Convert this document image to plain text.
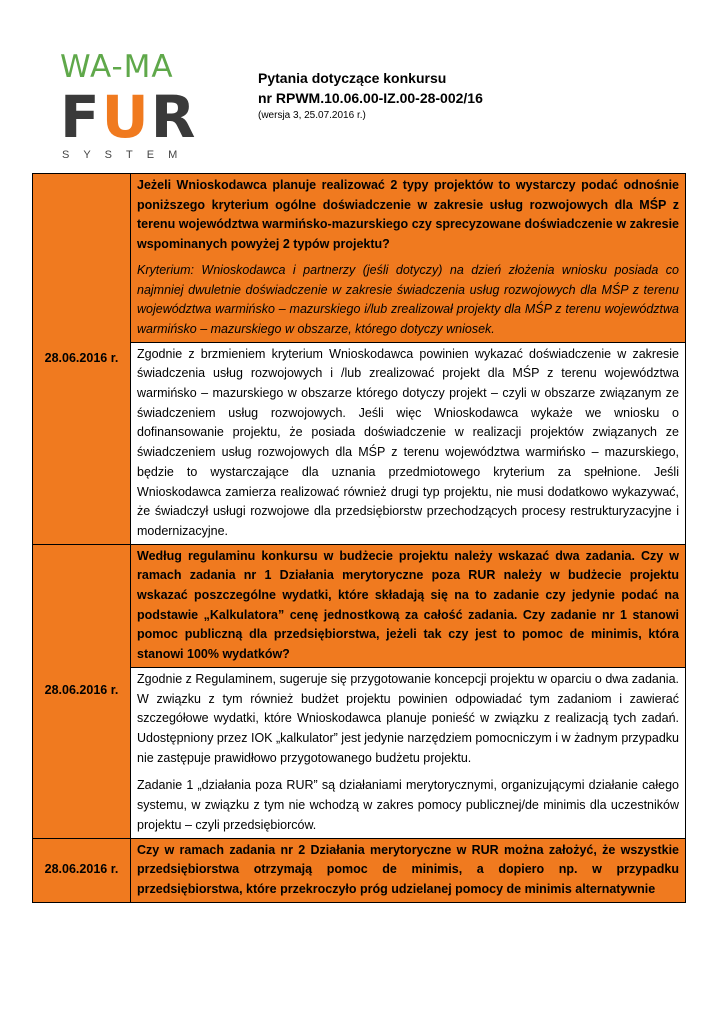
WA-MA
FUR
SYSTEM
Pytania dotyczące konkursu
nr RPWM.10.06.00-IZ.00-28-002/16
(wersja 3, 25.07.2016 r.)
28.06.2016 r.	Jeżeli Wnioskodawca planuje realizować 2 typy projektów to wystarczy podać odnośnie poniższego kryterium ogólne doświadczenie w zakresie usług rozwojowych dla MŚP z terenu województwa warmińsko-mazurskiego czy sprecyzowane doświadczenie w zakresie wspominanych powyżej 2 typów projektu?

Kryterium: Wnioskodawca i partnerzy (jeśli dotyczy) na dzień złożenia wniosku posiada co najmniej dwuletnie doświadczenie w zakresie świadczenia usług rozwojowych dla MŚP z terenu województwa warmińsko – mazurskiego i/lub zrealizował projekty dla MŚP z terenu województwa warmińsko – mazurskiego w obszarze, którego dotyczy wniosek.

	Zgodnie z brzmieniem kryterium Wnioskodawca powinien wykazać doświadczenie w zakresie świadczenia usług rozwojowych i /lub zrealizować projekt dla MŚP z terenu województwa warmińsko – mazurskiego w obszarze którego dotyczy projekt – czyli w obszarze związanym ze świadczeniem usług rozwojowych. Jeśli więc Wnioskodawca wykaże we wniosku o dofinansowanie projektu, że posiada doświadczenie w realizacji projektów związanych ze świadczeniem usług rozwojowych dla MŚP z terenu województwa warmińsko – mazurskiego, będzie to wystarczające dla uznania przedmiotowego kryterium za spełnione. Jeśli Wnioskodawca zamierza realizować również drugi typ projektu, nie musi dodatkowo wykazywać, że świadczył usługi rozwojowe dla przedsiębiorstw przechodzących procesy restrukturyzacyjne i modernizacyjne.

28.06.2016 r.	Według regulaminu konkursu w budżecie projektu należy wskazać dwa zadania. Czy w ramach zadania nr 1 Działania merytoryczne poza RUR należy w budżecie projektu wskazać poszczególne wydatki, które składają się na to zadanie czy jedynie podać na podstawie „Kalkulatora” cenę jednostkową za całość zadania. Czy zadanie nr 1 stanowi pomoc publiczną dla przedsiębiorstwa, jeżeli tak czy jest to pomoc de minimis, która stanowi 100% wydatków?

	Zgodnie z Regulaminem, sugeruje się przygotowanie koncepcji projektu w oparciu o dwa zadania. W związku z tym również budżet projektu powinien odpowiadać tym zadaniom i zawierać szczegółowe wydatki, które Wnioskodawca planuje ponieść w związku z realizacją tych zadań. Udostępniony przez IOK „kalkulator” jest jedynie narzędziem pomocniczym i w żadnym przypadku nie zastępuje prawidłowo przygotowanego budżetu projektu.

Zadanie 1 „działania poza RUR” są działaniami merytorycznymi, organizującymi działanie całego systemu, w związku z tym nie wchodzą w zakres pomocy publicznej/de minimis dla uczestników projektu – czyli przedsiębiorców.

28.06.2016 r.	Czy w ramach zadania nr 2 Działania merytoryczne w RUR można założyć, że wszystkie przedsiębiorstwa otrzymają pomoc de minimis, a dopiero np. w przypadku przedsiębiorstwa, które przekroczyło próg udzielanej pomocy de minimis alternatywnie
